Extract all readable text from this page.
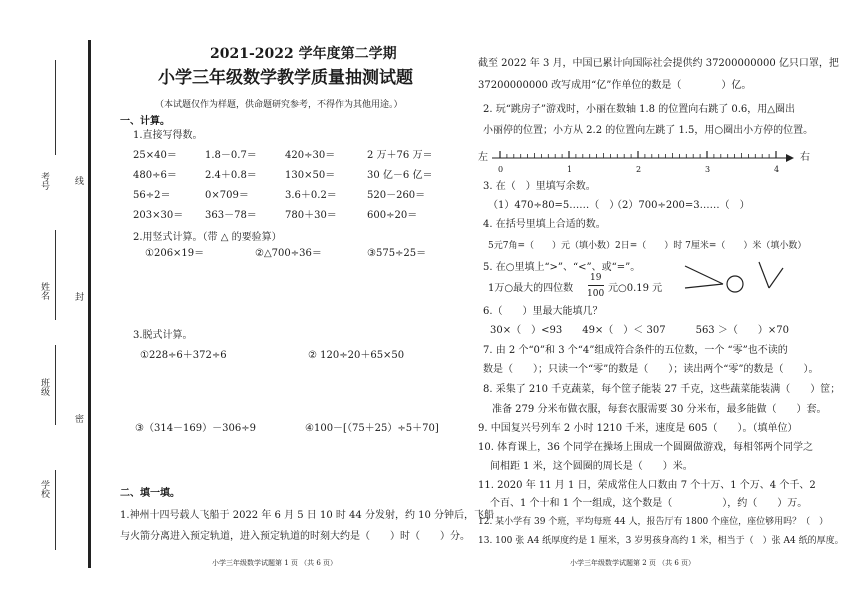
考号	线
姓名	封
班级
密
学校
2021-2022 学年度第二学期
小学三年级数学教学质量抽测试题
（本试题仅作为样题，供命题研究参考，不得作为其他用途。）
一、计算。
1.直接写得数。
25×40＝	1.8－0.7＝	420÷30＝	2 万＋76 万＝
480÷6＝	2.4＋0.8＝	130×50＝	30 亿－6 亿＝
56÷2＝	0×709＝	3.6＋0.2＝	520－260＝
203×30＝ 363－78＝	780＋30＝	600÷20＝
2.用竖式计算。（带 △ 的要验算）
①206×19＝	②△700÷36＝	③575÷25＝
3.脱式计算。
①228÷6＋372÷6	② 120÷20＋65×50
③（314－169）－306÷9	④100－[（75＋25）÷5＋70]
二、填一填。
1.神州十四号载人飞船于 2022 年 6 月 5 日 10 时 44 分发射，约 10 分钟后，飞船
与火箭分离进入预定轨道，进入预定轨道的时刻大约是（　　）时（　　）分。
小学三年级数学试题第 1 页 （共 6 页）
截至 2022 年 3 月，中国已累计向国际社会提供约 37200000000 亿只口罩，把
37200000000 改写成用“亿”作单位的数是（　　　　）亿。
2. 玩“跳房子”游戏时，小丽在数轴 1.8 的位置向右跳了 0.6，用△圈出
小丽停的位置；小方从 2.2 的位置向左跳了 1.5，用○圈出小方停的位置。
左	右
0	1	2	3	4
3. 在（　）里填写余数。
（1）470÷80=5……（　）
（2）700÷200=3……（　）
4. 在括号里填上合适的数。
5元7角=（　　）元（填小数）2日=（　　）时 7厘米=（　　）米（填小数）
5. 在○里填上“>”、“<”、或“=”。
1万○最大的四位数
19
100 元○0.19 元
6.（　　）里最大能填几？
30×（　）<93　　49×（　）＜ 307　　　563 ＞（　　）×70
7. 由 2 个“0”和 3 个“4”组成符合条件的五位数，一个 “零”也不读的
数是（　　）；只读一个“零”的数是（　　）；读出两个“零”的数是（　　）。
8. 采集了 210 千克蔬菜，每个筐子能装 27 千克，这些蔬菜能装满（　　）筐；
准备 279 分米布做衣服，每套衣服需要 30 分米布，最多能做（　　）套。
9. 中国复兴号列车 2 小时 1210 千米，速度是 605（　　）。（填单位）
10. 体育课上，36 个同学在操场上围成一个圆圈做游戏，每相邻两个同学之
间相距 1 米，这个圆圈的周长是（　　）米。
11. 2020 年 11 月 1 日，荣成常住人口数由 7 个十万、1 个万、4 个千、2
个百、1 个十和 1 个一组成，这个数是（　　　　　），约（　　）万。
12. 某小学有 39 个班，平均每班 44 人，报告厅有 1800 个座位，座位够用吗？（　）
13. 100 张 A4 纸厚度约是 1 厘米，3 岁男孩身高约 1 米，相当于（　）张 A4 纸的厚度。
小学三年级数学试题第 2 页 （共 6 页）
